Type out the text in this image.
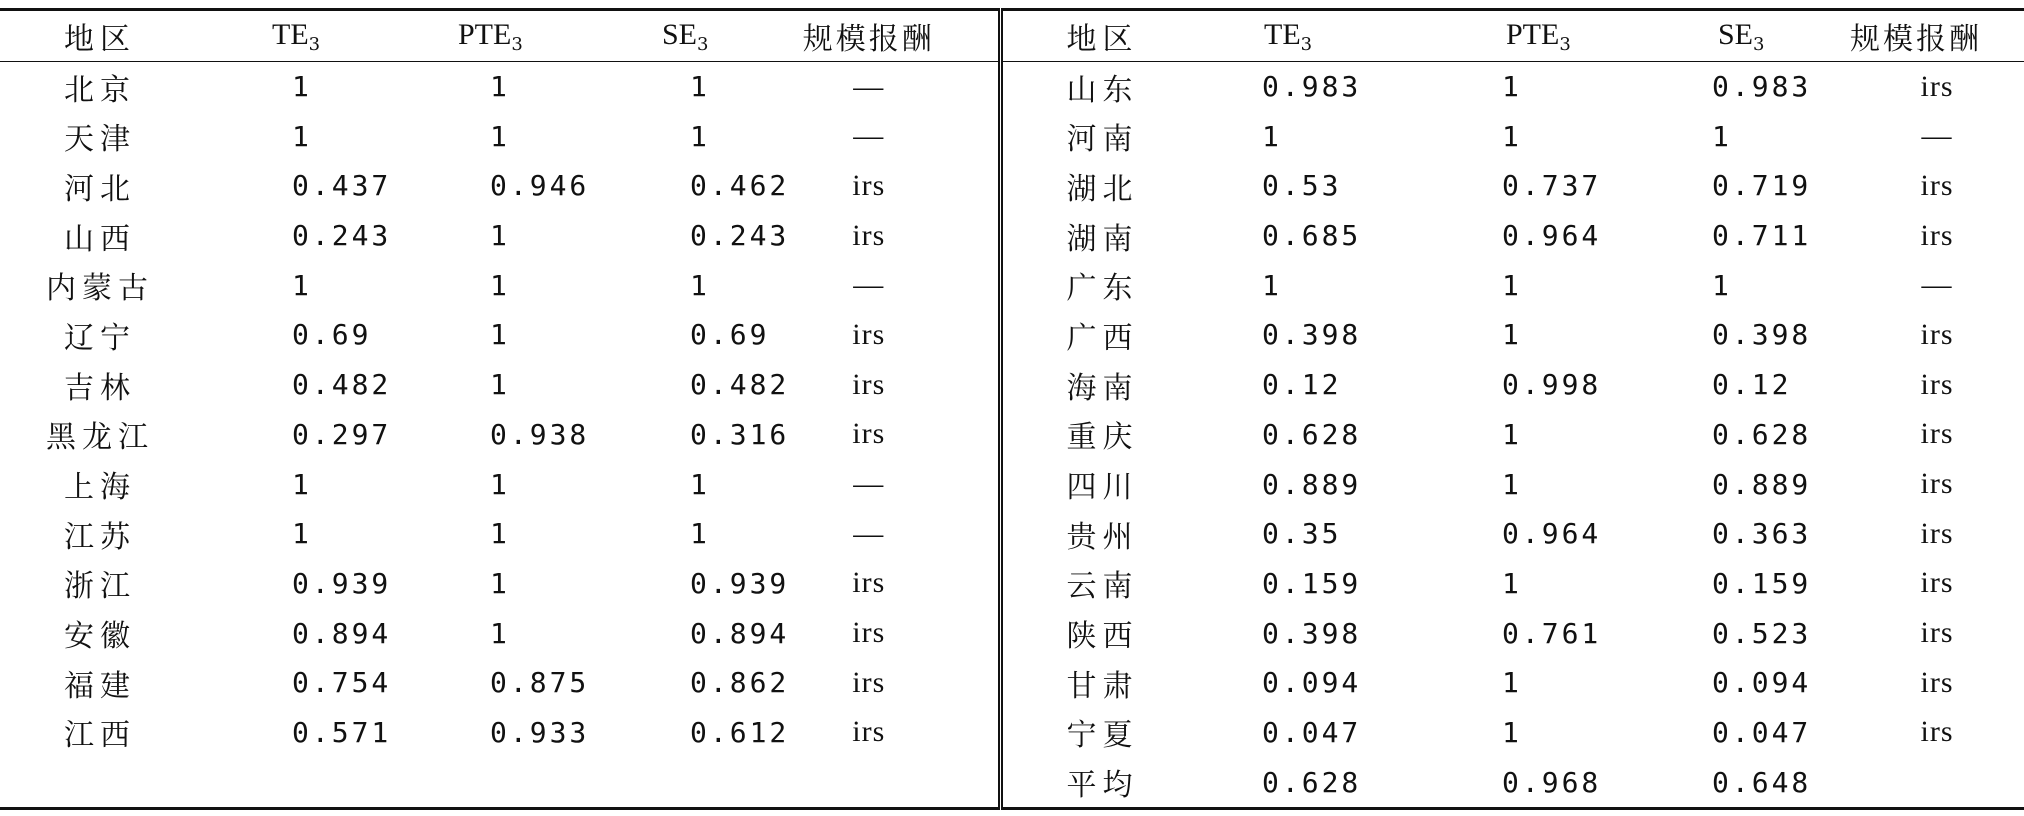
地区	$TE_3$	$PTE_3$	$SE_3$	规模报酬	地区	$TE_3$	$PTE_3$	$SE_3$	规模报酬
北京	1	1	1	—	山东	0.983	1	0.983	irs
天津	1	1	1	—	河南	1	1	1	—
河北	0.437	0.946	0.462	irs	湖北	0.53	0.737	0.719	irs
山西	0.243	1	0.243	irs	湖南	0.685	0.964	0.711	irs
内蒙古	1	1	1	—	广东	1	1	1	—
辽宁	0.69	1	0.69	irs	广西	0.398	1	0.398	irs
吉林	0.482	1	0.482	irs	海南	0.12	0.998	0.12	irs
黑龙江	0.297	0.938	0.316	irs	重庆	0.628	1	0.628	irs
上海	1	1	1	—	四川	0.889	1	0.889	irs
江苏	1	1	1	—	贵州	0.35	0.964	0.363	irs
浙江	0.939	1	0.939	irs	云南	0.159	1	0.159	irs
安徽	0.894	1	0.894	irs	陕西	0.398	0.761	0.523	irs
福建	0.754	0.875	0.862	irs	甘肃	0.094	1	0.094	irs
江西	0.571	0.933	0.612	irs	宁夏	0.047	1	0.047	irs
					平均	0.628	0.968	0.648	
